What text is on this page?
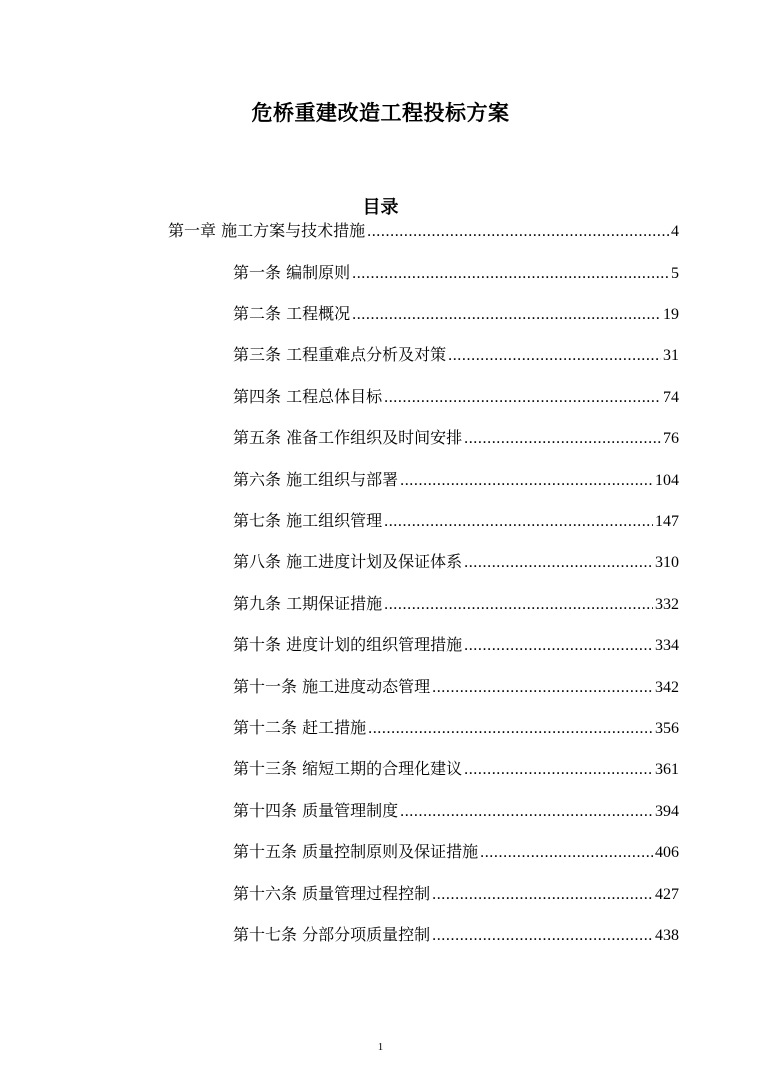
危桥重建改造工程投标方案
目录
第一章 施工方案与技术措施 .....	4
第一条 编制原则 .....	5
第二条 工程概况 .....	19
第三条 工程重难点分析及对策 .....	31
第四条 工程总体目标 .....	74
第五条 准备工作组织及时间安排 .....	76
第六条 施工组织与部署 .....	104
第七条 施工组织管理 .....	147
第八条 施工进度计划及保证体系 .....	310
第九条 工期保证措施 .....	332
第十条 进度计划的组织管理措施 .....	334
第十一条 施工进度动态管理 .....	342
第十二条 赶工措施 .....	356
第十三条 缩短工期的合理化建议 .....	361
第十四条 质量管理制度 .....	394
第十五条 质量控制原则及保证措施 .....	406
第十六条 质量管理过程控制 .....	427
第十七条 分部分项质量控制 .....	438
1
